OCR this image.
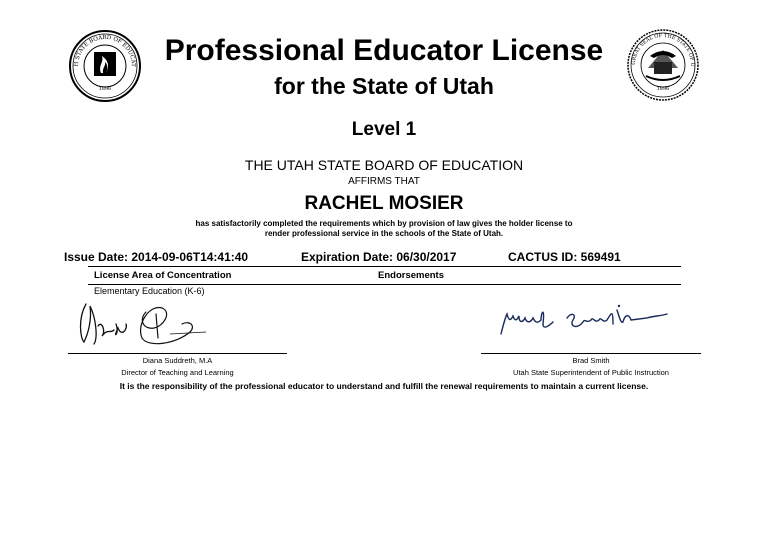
H STATE BOARD OF EDUCAT
1896
GREAT SEAL OF THE STATE OF U
1896
Professional Educator License
for the State of Utah
Level 1
THE UTAH STATE BOARD OF EDUCATION
AFFIRMS THAT
RACHEL MOSIER
has satisfactorily completed the requirements which by provision of law gives the holder license to
render professional service in the schools of the State of Utah.
Issue Date: 2014-09-06T14:41:40	Expiration Date: 06/30/2017	CACTUS ID: 569491
License Area of Concentration	Endorsements
Elementary Education (K-6)
Diana Suddreth, M.A
Director of Teaching and Learning
Brad Smith
Utah State Superintendent of Public Instruction
It is the responsibility of the professional educator to understand and fulfill the renewal requirements to maintain a current license.
